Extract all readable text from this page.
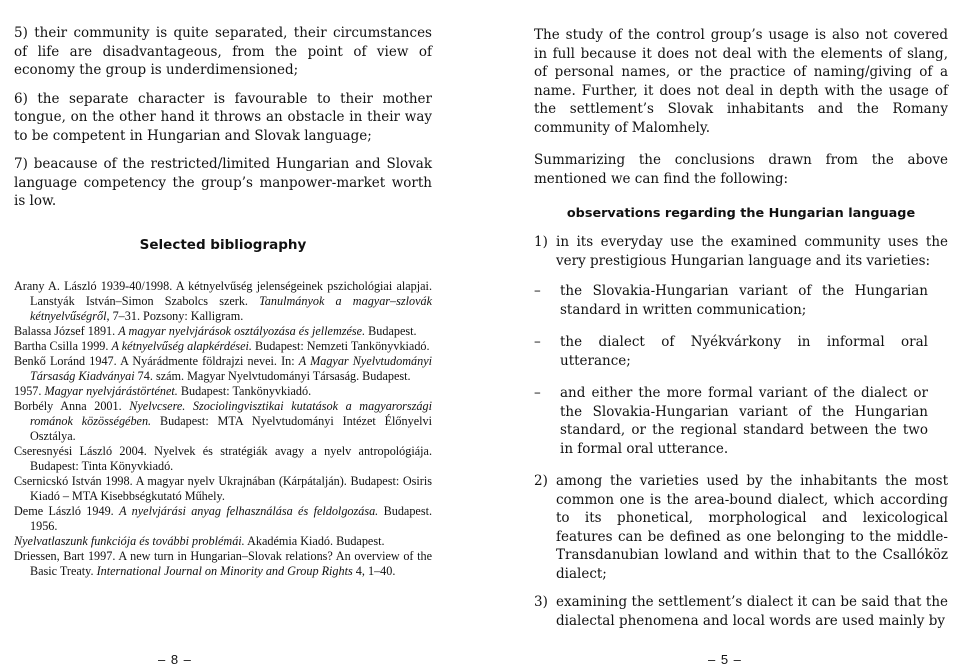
5) their community is quite separated, their circumstances of life are disadvantageous, from the point of view of economy the group is underdimensioned;

6) the separate character is favourable to their mother tongue, on the other hand it throws an obstacle in their way to be competent in Hungarian and Slovak language;

7) beacause of the restricted/limited Hungarian and Slovak language competency the group’s manpower-market worth is low.

Selected bibliography
Arany A. László 1939-40/1998. A kétnyelvűség jelenségeinek pszichológiai alapjai. Lanstyák István–Simon Szabolcs szerk. Tanulmányok a magyar–szlovák kétnyelvűségről, 7–31. Pozsony: Kalligram.
Balassa József 1891. A magyar nyelvjárások osztályozása és jellemzése. Budapest.
Bartha Csilla 1999. A kétnyelvűség alapkérdései. Budapest: Nemzeti Tankönyvkiadó.
Benkő Loránd 1947. A Nyárádmente földrajzi nevei. In: A Magyar Nyelvtudományi Társaság Kiadványai 74. szám. Magyar Nyelvtudományi Társaság. Budapest.
1957. Magyar nyelvjárástörténet. Budapest: Tankönyvkiadó.
Borbély Anna 2001. Nyelvcsere. Szociolingvisztikai kutatások a magyarországi románok közösségében. Budapest: MTA Nyelvtudományi Intézet Élőnyelvi Osztálya.
Cseresnyési László 2004. Nyelvek és stratégiák avagy a nyelv antropológiája. Budapest: Tinta Könyvkiadó.
Csernicskó István 1998. A magyar nyelv Ukrajnában (Kárpátalján). Budapest: Osiris Kiadó – MTA Kisebbségkutató Műhely.
Deme László 1949. A nyelvjárási anyag felhasználása és feldolgozása. Budapest. 1956.
Nyelvatlaszunk funkciója és további problémái. Akadémia Kiadó. Budapest.
Driessen, Bart 1997. A new turn in Hungarian–Slovak relations? An overview of the Basic Treaty. International Journal on Minority and Group Rights 4, 1–40.
– 8 –

The study of the control group’s usage is also not covered in full because it does not deal with the elements of slang, of personal names, or the practice of naming/giving of a name. Further, it does not deal in depth with the usage of the settlement’s Slovak inhabitants and the Romany community of Malomhely.

Summarizing the conclusions drawn from the above mentioned we can find the following:

observations regarding the Hungarian language
1) in its everyday use the examined community uses the very prestigious Hungarian language and its varieties:
–	the Slovakia-Hungarian variant of the Hungarian standard in written communication;
–	the dialect of Nyékvárkony in informal oral utterance;
–	and either the more formal variant of the dialect or the Slovakia-Hungarian variant of the Hungarian standard, or the regional standard between the two in formal oral utterance.
2) among the varieties used by the inhabitants the most common one is the area-bound dialect, which according to its phonetical, morphological and lexicological features can be defined as one belonging to the middle-Transdanubian lowland and within that to the Csallóköz dialect;
3) examining the settlement’s dialect it can be said that the dialectal phenomena and local words are used mainly by
– 5 –
